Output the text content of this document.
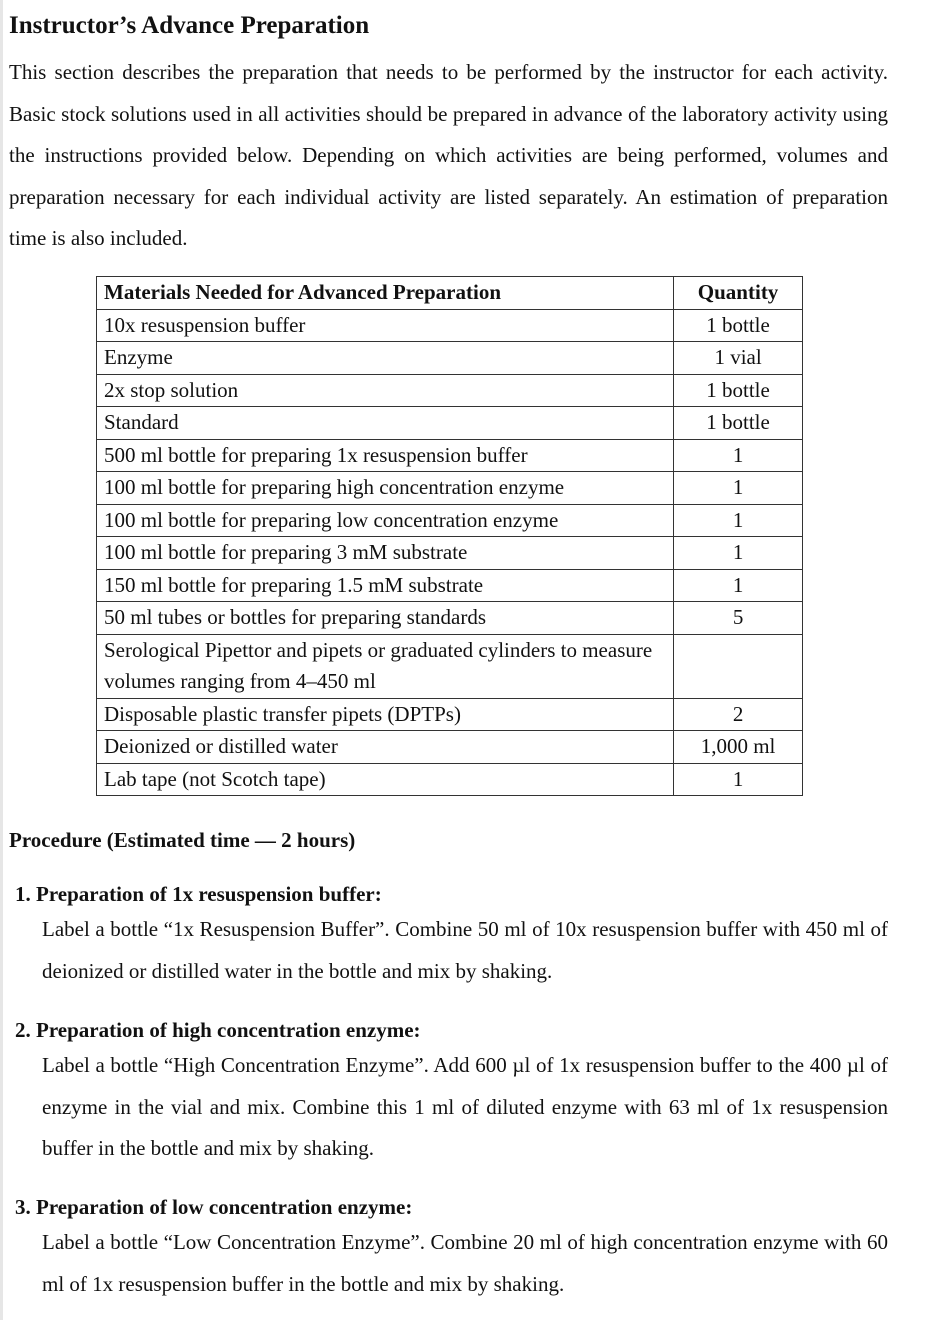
Instructor’s Advance Preparation

This section describes the preparation that needs to be performed by the instructor for each activity. Basic stock solutions used in all activities should be prepared in advance of the laboratory activity using the instructions provided below. Depending on which activities are being performed, volumes and preparation necessary for each individual activity are listed separately. An estimation of preparation time is also included.

Materials Needed for Advanced Preparation	Quantity
10x resuspension buffer	1 bottle
Enzyme	1 vial
2x stop solution	1 bottle
Standard	1 bottle
500 ml bottle for preparing 1x resuspension buffer	1
100 ml bottle for preparing high concentration enzyme	1
100 ml bottle for preparing low concentration enzyme	1
100 ml bottle for preparing 3 mM substrate	1
150 ml bottle for preparing 1.5 mM substrate	1
50 ml tubes or bottles for preparing standards	5
Serological Pipettor and pipets or graduated cylinders to measure volumes ranging from 4–450 ml	
Disposable plastic transfer pipets (DPTPs)	2
Deionized or distilled water	1,000 ml
Lab tape (not Scotch tape)	1

Procedure (Estimated time — 2 hours)

1. Preparation of 1x resuspension buffer:

Label a bottle “1x Resuspension Buffer”. Combine 50 ml of 10x resuspension buffer with 450 ml of deionized or distilled water in the bottle and mix by shaking.

2. Preparation of high concentration enzyme:

Label a bottle “High Concentration Enzyme”. Add 600 µl of 1x resuspension buffer to the 400 µl of enzyme in the vial and mix. Combine this 1 ml of diluted enzyme with 63 ml of 1x resuspension buffer in the bottle and mix by shaking.

3. Preparation of low concentration enzyme:

Label a bottle “Low Concentration Enzyme”. Combine 20 ml of high concentration enzyme with 60 ml of 1x resuspension buffer in the bottle and mix by shaking.
